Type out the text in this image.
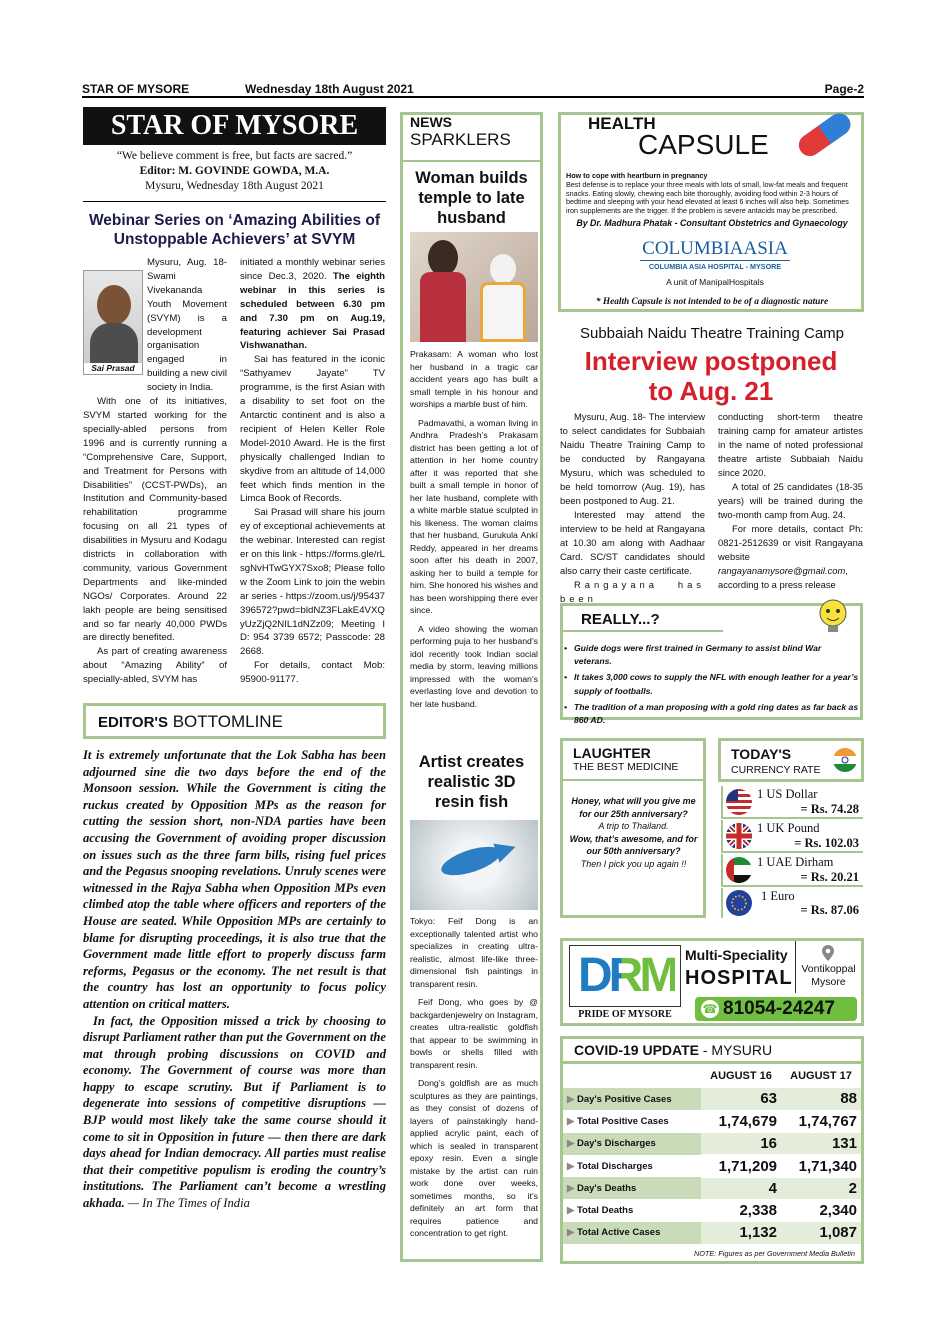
STAR OF MYSORE	Wednesday 18th August 2021	Page-2
STAR OF MYSORE
“We believe comment is free, but facts are sacred.”
Editor: M. GOVINDE GOWDA, M.A.
Mysuru, Wednesday 18th August 2021
Webinar Series on ‘Amazing Abilities of Unstoppable Achievers’ at SVYM
Sai Prasad

Mysuru, Aug. 18- Swami Vivekananda Youth Movement (SVYM) is a development organisation engaged in building a new civil society in India.

With one of its initiatives, SVYM started working for the specially-abled persons from 1996 and is currently running a “Comprehensive Care, Support, and Treatment for Persons with Disabilities” (CCST-PWDs), an Institution and Community-based rehabilitation programme focusing on all 21 types of disabilities in Mysuru and Kodagu districts in collaboration with community, various Government Departments and like-minded NGOs/ Corporates. Around 22 lakh people are being sensitised and so far nearly 40,000 PWDs are directly benefited.

As part of creating awareness about “Amazing Ability” of specially-abled, SVYM has

initiated a monthly webinar series since Dec.3, 2020. The eighth webinar in this series is scheduled between 6.30 pm and 7.30 pm on Aug.19, featuring achiever Sai Prasad Vishwanathan.

Sai has featured in the iconic “Sathyamev Jayate” TV programme, is the first Asian with a disability to set foot on the Antarctic continent and is also a recipient of Helen Keller Role Model-2010 Award. He is the first physically challenged Indian to skydive from an altitude of 14,000 feet which finds mention in the Limca Book of Records.

Sai Prasad will share his journey of exceptional achievements at the webinar. Interested can register on this link - https://forms.gle/rLsgNvHTwGYX7Sxo8; Please follow the Zoom Link to join the webinar series - https://zoom.us/j/95437396572?pwd=bldNZ3FLakE4VXQyUzZjQ2NIL1dNZz09; Meeting ID: 954 3739 6572; Passcode: 282668.

For details, contact Mob: 95900-91177.

EDITOR'S BOTTOMLINE

It is extremely unfortunate that the Lok Sabha has been adjourned sine die two days before the end of the Monsoon session. While the Government is citing the ruckus created by Opposition MPs as the reason for cutting the session short, non-NDA parties have been accusing the Government of avoiding proper discussion on issues such as the three farm bills, rising fuel prices and the Pegasus snooping revelations. Unruly scenes were witnessed in the Rajya Sabha when Opposition MPs even climbed atop the table where officers and reporters of the House are seated. While Opposition MPs are certainly to blame for disrupting proceedings, it is also true that the Government made little effort to properly discuss farm reforms, Pegasus or the economy. The net result is that the country has lost an opportunity to focus policy attention on critical matters.

In fact, the Opposition missed a trick by choosing to disrupt Parliament rather than put the Government on the mat through probing discussions on COVID and economy. The Government of course was more than happy to escape scrutiny. But if Parliament is to degenerate into sessions of competitive disruptions — BJP would most likely take the same course should it come to sit in Opposition in future — then there are dark days ahead for Indian democracy. All parties must realise that their competitive populism is eroding the country’s institutions. The Parliament can’t become a wrestling akhada. — In The Times of India

NEWS
SPARKLERS
Woman builds temple to late husband

Prakasam: A woman who lost her husband in a tragic car accident years ago has built a small temple in his honour and worships a marble bust of him.

Padmavathi, a woman living in Andhra Pradesh’s Prakasam district has been getting a lot of attention in her home country after it was reported that she built a small temple in honor of her late husband, complete with a white marble statue sculpted in his likeness. The woman claims that her husband, Gurukula Ankí Reddy, appeared in her dreams soon after his death in 2007, asking her to build a temple for him. She honored his wishes and has been worshipping there ever since.

A video showing the woman performing puja to her husband’s idol recently took Indian social media by storm, leaving millions impressed with the woman’s everlasting love and devotion to her late husband.

Artist creates realistic 3D resin fish

Tokyo: Feif Dong is an exceptionally talented artist who specializes in creating ultra-realistic, almost life-like three-dimensional fish paintings in transparent resin.

Feif Dong, who goes by @ backgardenjewelry on Instagram, creates ultra-realistic goldfish that appear to be swimming in bowls or shells filled with transparent resin.

Dong’s goldfish are as much sculptures as they are paintings, as they consist of dozens of layers of painstakingly hand-applied acrylic paint, each of which is sealed in transparent epoxy resin. Even a single mistake by the artist can ruin work done over weeks, sometimes months, so it’s definitely an art form that requires patience and concentration to get right.

HEALTH
CAPSULE
How to cope with heartburn in pregnancy
Best defense is to replace your three meals with lots of small, low-fat meals and frequent snacks. Eating slowly, chewing each bite thoroughly, avoiding food within 2-3 hours of bedtime and sleeping with your head elevated at least 6 inches will also help. Sometimes iron supplements are the trigger. If the problem is severe antacids may be prescribed.
By Dr. Madhura Phatak - Consultant Obstetrics and Gynaecology
COLUMBIAASIA
COLUMBIA ASIA HOSPITAL - MYSORE
A unit of ManipalHospitals
* Health Capsule is not intended to be of a diagnostic nature
Subbaiah Naidu Theatre Training Camp
Interview postponed
to Aug. 21

Mysuru, Aug. 18- The interview to select candidates for Subbaiah Naidu Theatre Training Camp to be conducted by Rangayana Mysuru, which was scheduled to be held tomorrow (Aug. 19), has been postponed to Aug. 21.

Interested may attend the interview to be held at Rangayana at 10.30 am along with Aadhaar Card. SC/ST candidates should also carry their caste certificate.

Rangayana has been

conducting short-term theatre training camp for amateur artistes in the name of noted professional theatre artiste Subbaiah Naidu since 2020.

A total of 25 candidates (18-35 years) will be trained during the two-month camp from Aug. 24.

For more details, contact Ph: 0821-2512639 or visit Rangayana website rangayanamysore@gmail.com, according to a press release

REALLY...?
• Guide dogs were first trained in Germany to assist blind War veterans.
• It takes 3,000 cows to supply the NFL with enough leather for a year’s supply of footballs.
• The tradition of a man proposing with a gold ring dates as far back as 860 AD.
LAUGHTER
THE BEST MEDICINE
Honey, what will you give me for our 25th anniversary?
A trip to Thailand.
Wow, that’s awesome, and for our 50th anniversary?
Then I pick you up again !!
TODAY'S
CURRENCY RATE
1 US Dollar
= Rs. 74.28
1 UK Pound
= Rs. 102.03
1 UAE Dirham
= Rs. 20.21
1 Euro
= Rs. 87.06
DRM
PRIDE OF MYSORE
Multi-Speciality
HOSPITAL Vontikoppal
Mysore
☎ 81054-24247
COVID-19 UPDATE - MYSURU
	AUGUST 16	AUGUST 17
▶ Day's Positive Cases	63	88
▶ Total Positive Cases	1,74,679	1,74,767
▶ Day's Discharges	16	131
▶ Total Discharges	1,71,209	1,71,340
▶ Day's Deaths	4	2
▶ Total Deaths	2,338	2,340
▶ Total Active Cases	1,132	1,087
NOTE: Figures as per Government Media Bulletin
